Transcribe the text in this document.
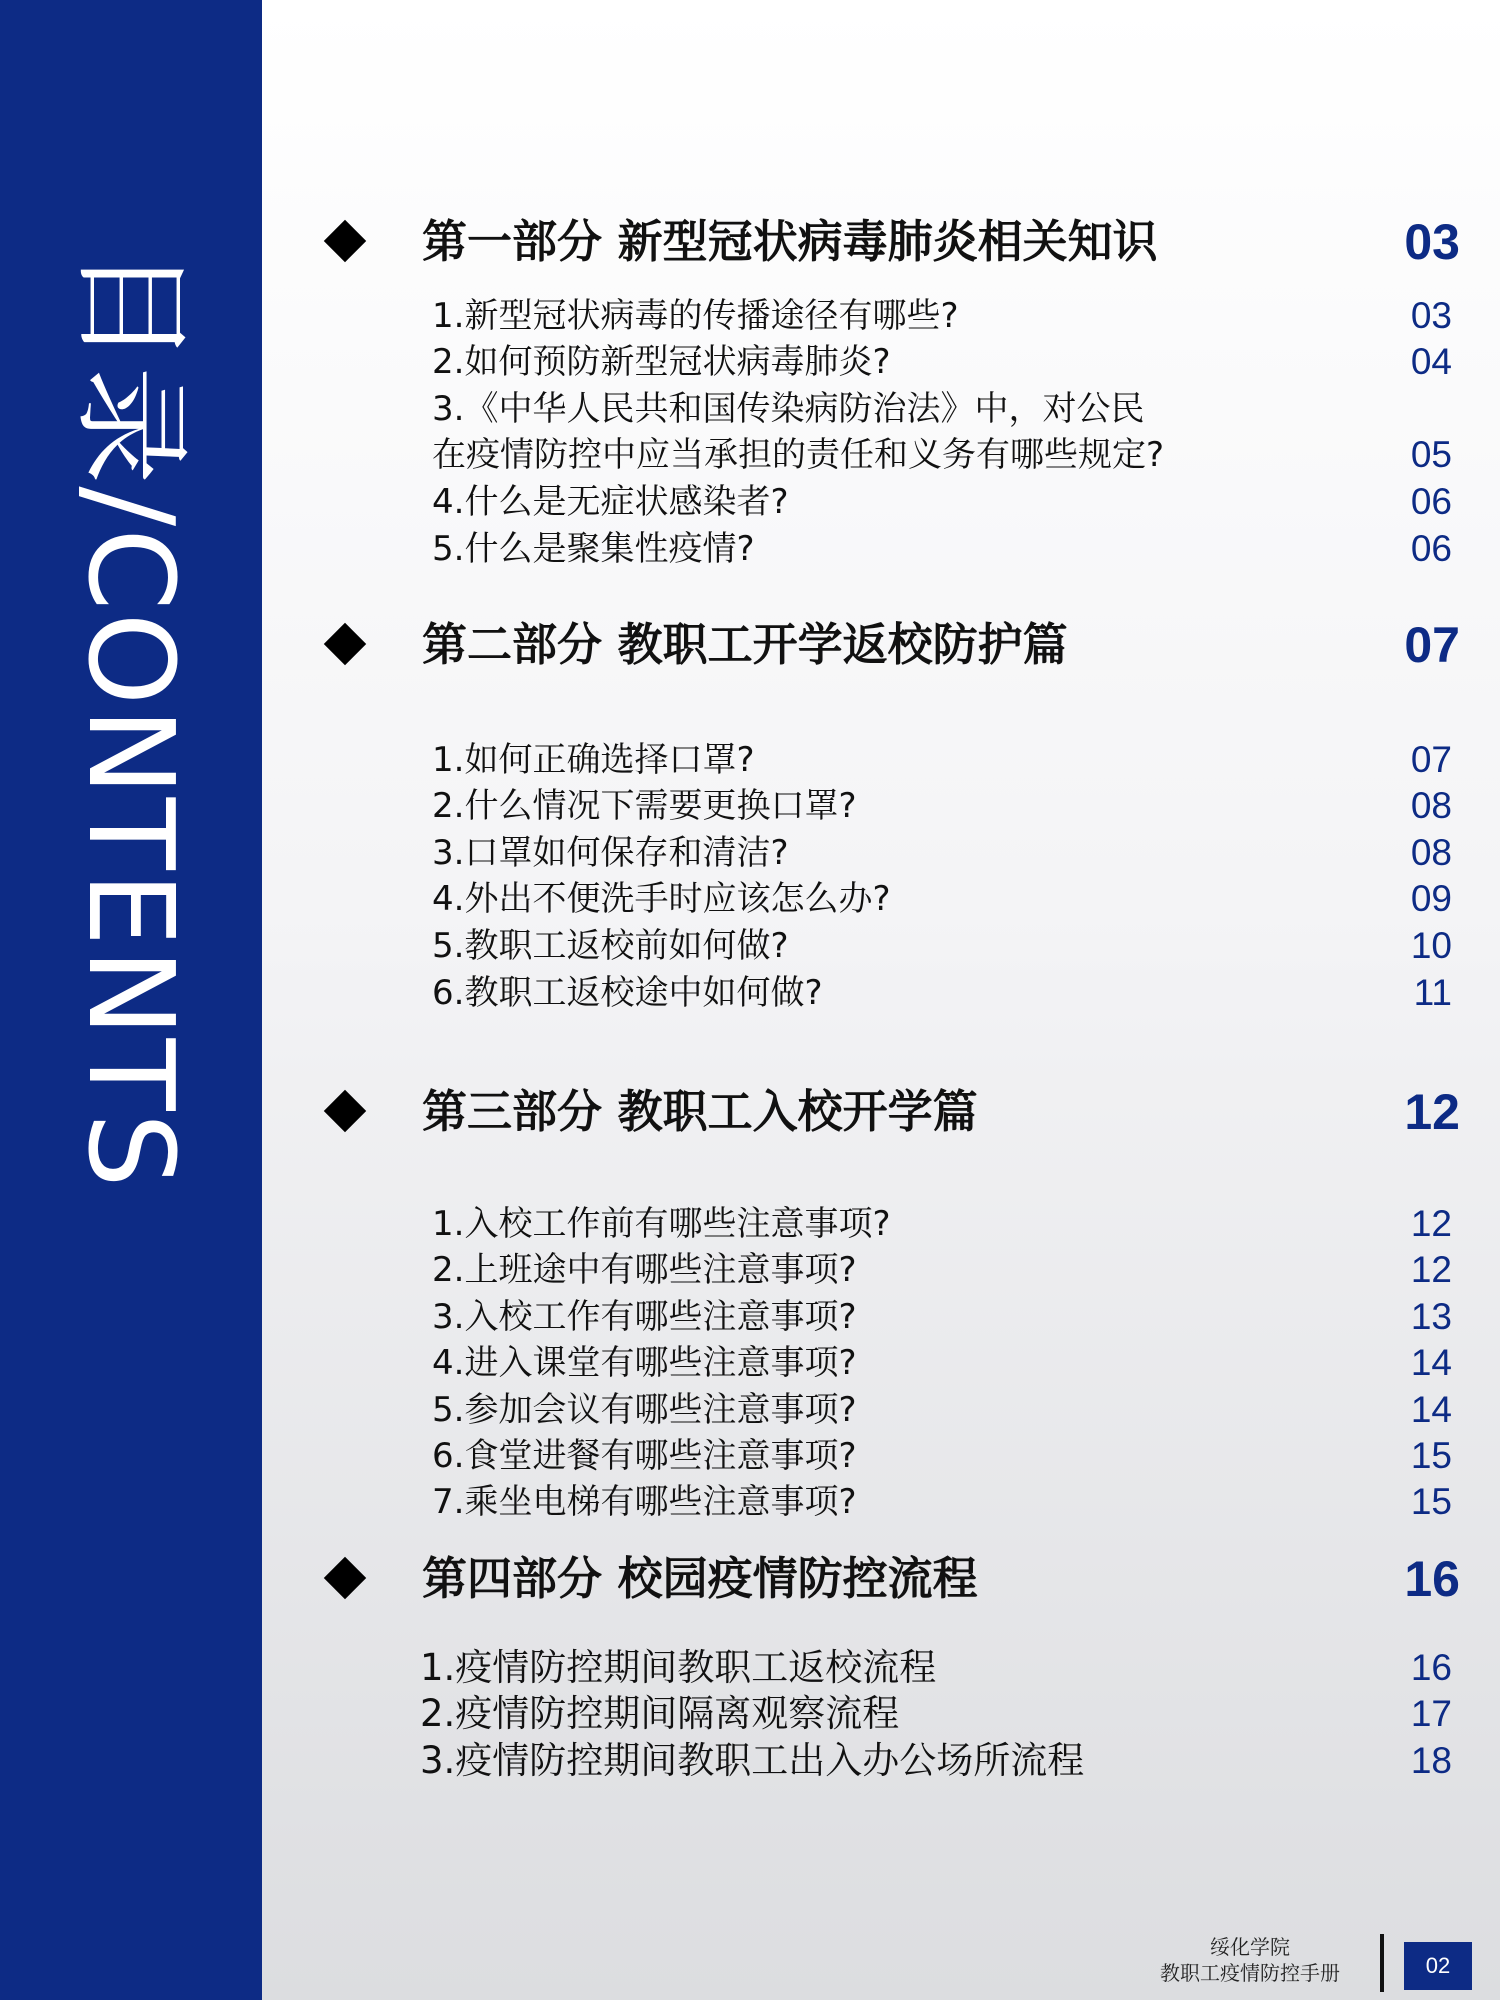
目录/CONTENTS
第一部分 新型冠状病毒肺炎相关知识	03
1.新型冠状病毒的传播途径有哪些?	03
2.如何预防新型冠状病毒肺炎?	04
3.《中华人民共和国传染病防治法》中，对公民
在疫情防控中应当承担的责任和义务有哪些规定?	05
4.什么是无症状感染者?	06
5.什么是聚集性疫情?	06
第二部分 教职工开学返校防护篇	07
1.如何正确选择口罩?	07
2.什么情况下需要更换口罩?	08
3.口罩如何保存和清洁?	08
4.外出不便洗手时应该怎么办?	09
5.教职工返校前如何做?	10
6.教职工返校途中如何做?	11
第三部分 教职工入校开学篇	12
1.入校工作前有哪些注意事项?	12
2.上班途中有哪些注意事项?	12
3.入校工作有哪些注意事项?	13
4.进入课堂有哪些注意事项?	14
5.参加会议有哪些注意事项?	14
6.食堂进餐有哪些注意事项?	15
7.乘坐电梯有哪些注意事项?	15
第四部分 校园疫情防控流程	16
1.疫情防控期间教职工返校流程	16
2.疫情防控期间隔离观察流程	17
3.疫情防控期间教职工出入办公场所流程	18
绥化学院
教职工疫情防控手册	02
